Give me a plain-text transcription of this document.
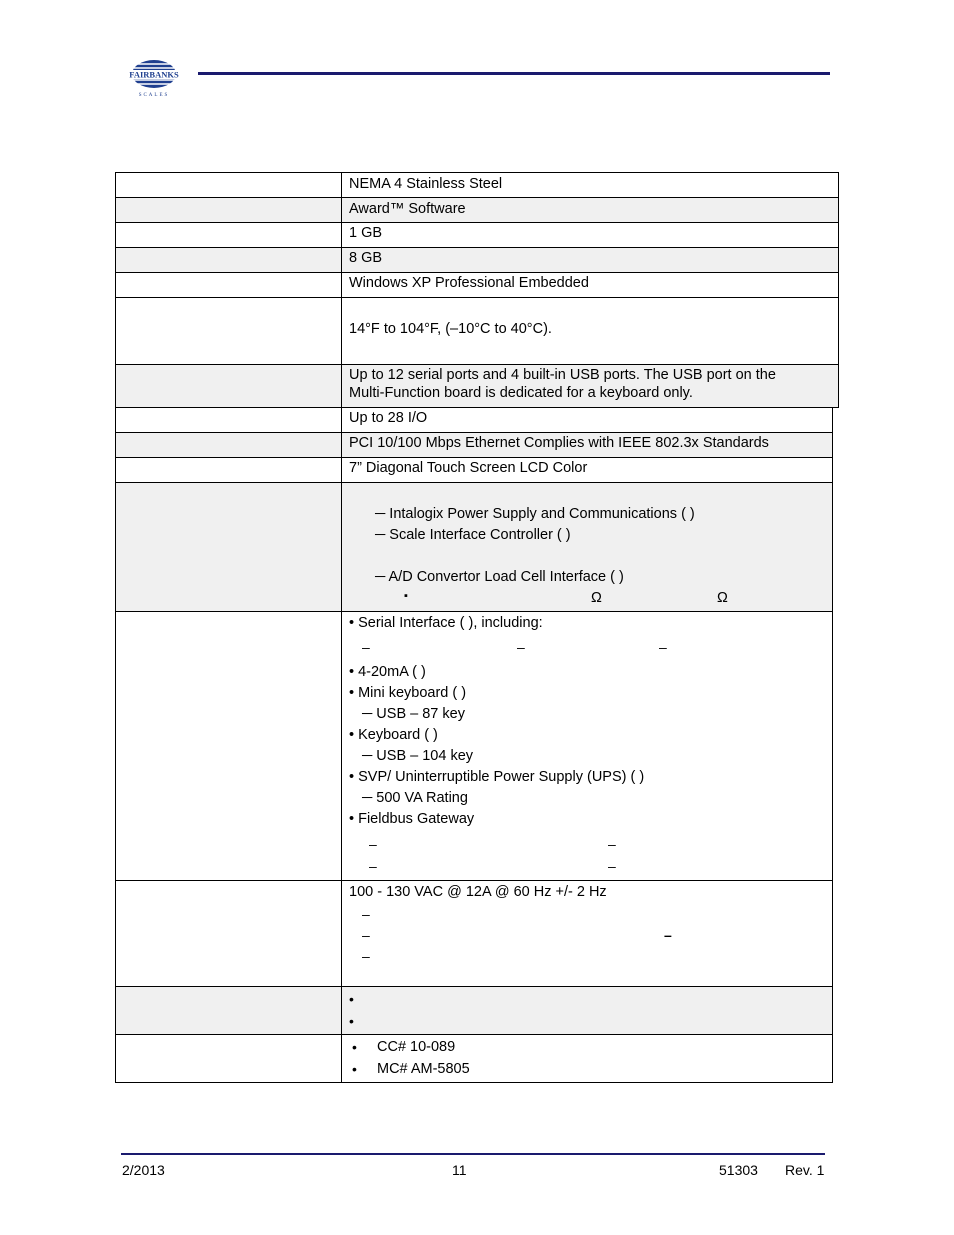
FAIRBANKS
SCALES
NEMA 4 Stainless Steel
Award™ Software
1 GB
8 GB
Windows XP Professional Embedded
14°F to 104°F, (–10°C to 40°C).
Up to 12 serial ports and 4 built-in USB ports. The USB port on the
Multi-Function board is dedicated for a keyboard only.
Up to 28 I/O
PCI 10/100 Mbps Ethernet Complies with IEEE 802.3x Standards
7” Diagonal Touch Screen LCD Color
─ Intalogix Power Supply and Communications ( )
─ Scale Interface Controller ( )
─ A/D Convertor Load Cell Interface ( )
▪	Ω	Ω
• Serial Interface ( ), including:
–	–	–
• 4-20mA ( )
• Mini keyboard ( )
─ USB – 87 key
• Keyboard ( )
─ USB – 104 key
• SVP/ Uninterruptible Power Supply (UPS) ( )
─ 500 VA Rating
• Fieldbus Gateway
–	–
–	–
100 - 130 VAC @ 12A @ 60 Hz +/- 2 Hz
–
–	–
–
•
•
• CC# 10-089
• MC# AM-5805
2/2013	11	51303 Rev. 1
